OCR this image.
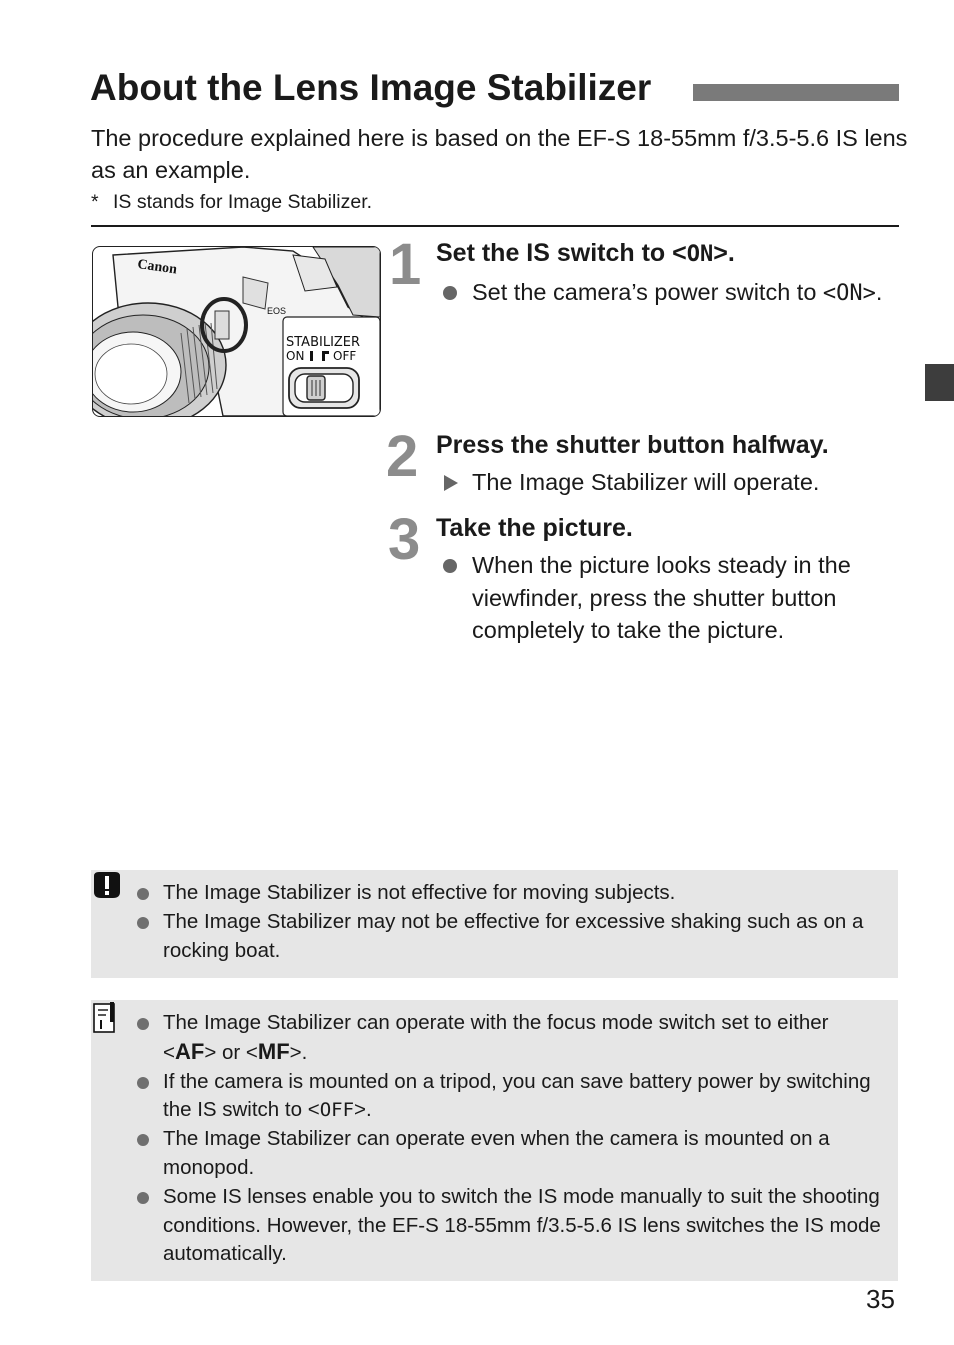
About the Lens Image Stabilizer
The procedure explained here is based on the EF-S 18-55mm f/3.5-5.6 IS lens as an example.
* IS stands for Image Stabilizer.
Canon
EOS
STABILIZER
ON OFF
1 Set the IS switch to <ON>.
Set the camera’s power switch to <ON>.
2 Press the shutter button halfway.
The Image Stabilizer will operate.
3 Take the picture.
When the picture looks steady in the viewfinder, press the shutter button completely to take the picture.
The Image Stabilizer is not effective for moving subjects.
The Image Stabilizer may not be effective for excessive shaking such as on a rocking boat.
The Image Stabilizer can operate with the focus mode switch set to either <AF> or <MF>.
If the camera is mounted on a tripod, you can save battery power by switching the IS switch to <OFF>.
The Image Stabilizer can operate even when the camera is mounted on a monopod.
Some IS lenses enable you to switch the IS mode manually to suit the shooting conditions. However, the EF-S 18-55mm f/3.5-5.6 IS lens switches the IS mode automatically.
35
